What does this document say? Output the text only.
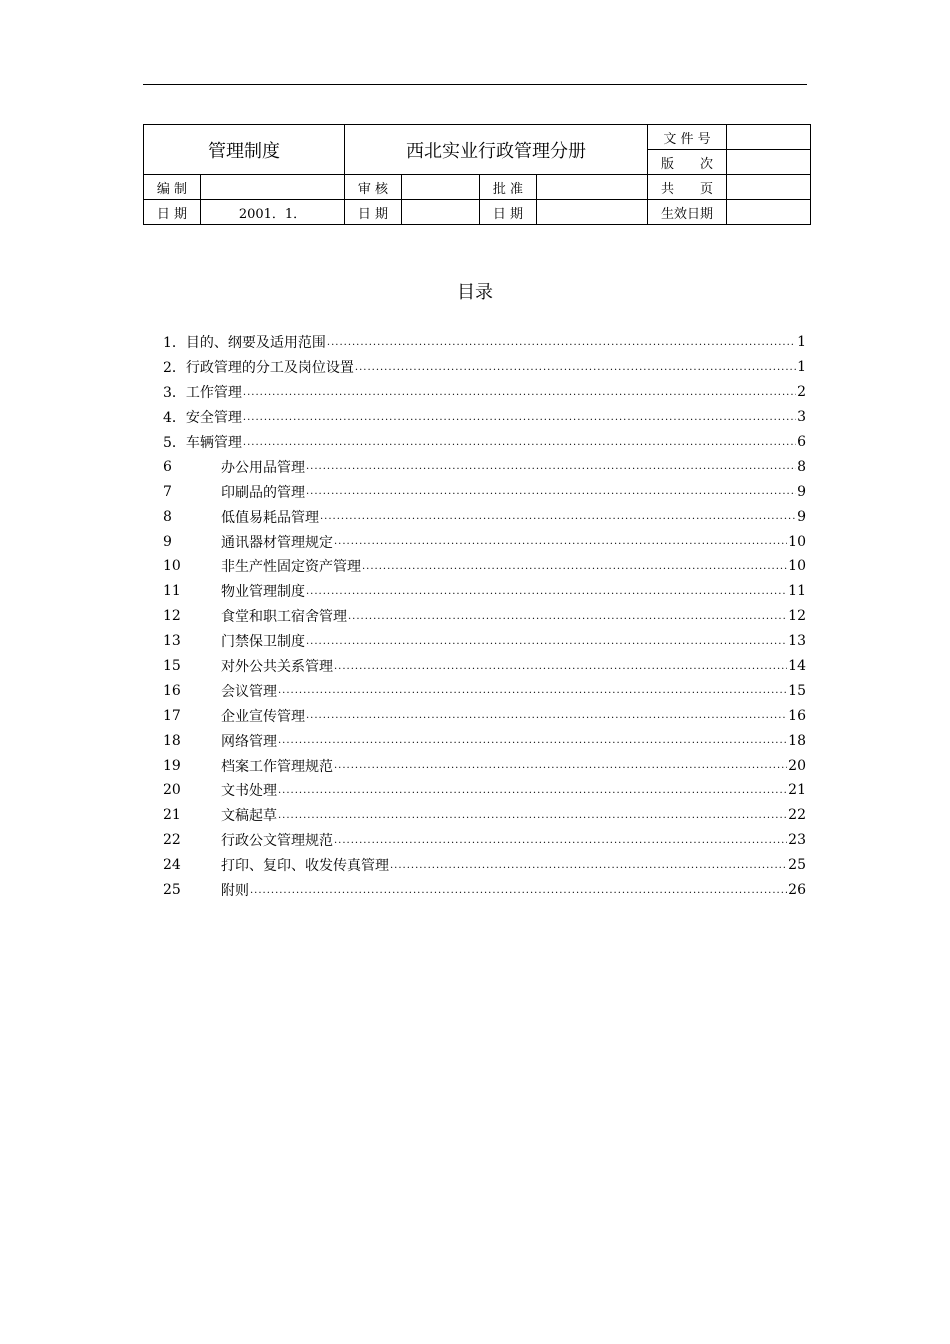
管理制度		西北实业行政管理分册				文 件 号	
						版　　次	
编 制		审 核		批 准		共　　页	
日 期	2001．1．	日 期		日 期		生效日期	
目录
1． 目的、纲要及适用范围 .....	1
2． 行政管理的分工及岗位设置 .....	1
3． 工作管理 .....	2
4． 安全管理 .....	3
5． 车辆管理 .....	6
6	办公用品管理 .....	8
7	印刷品的管理 .....	9
8	低值易耗品管理 .....	9
9	通讯器材管理规定 .....	10
10	非生产性固定资产管理 .....	10
11	物业管理制度 .....	11
12	食堂和职工宿舍管理 .....	12
13	门禁保卫制度 .....	13
15	对外公共关系管理 .....	14
16	会议管理 .....	15
17	企业宣传管理 .....	16
18	网络管理 .....	18
19	档案工作管理规范 .....	20
20	文书处理 .....	21
21	文稿起草 .....	22
22	行政公文管理规范 .....	23
24	打印、复印、收发传真管理 .....	25
25	附则 .....	26
